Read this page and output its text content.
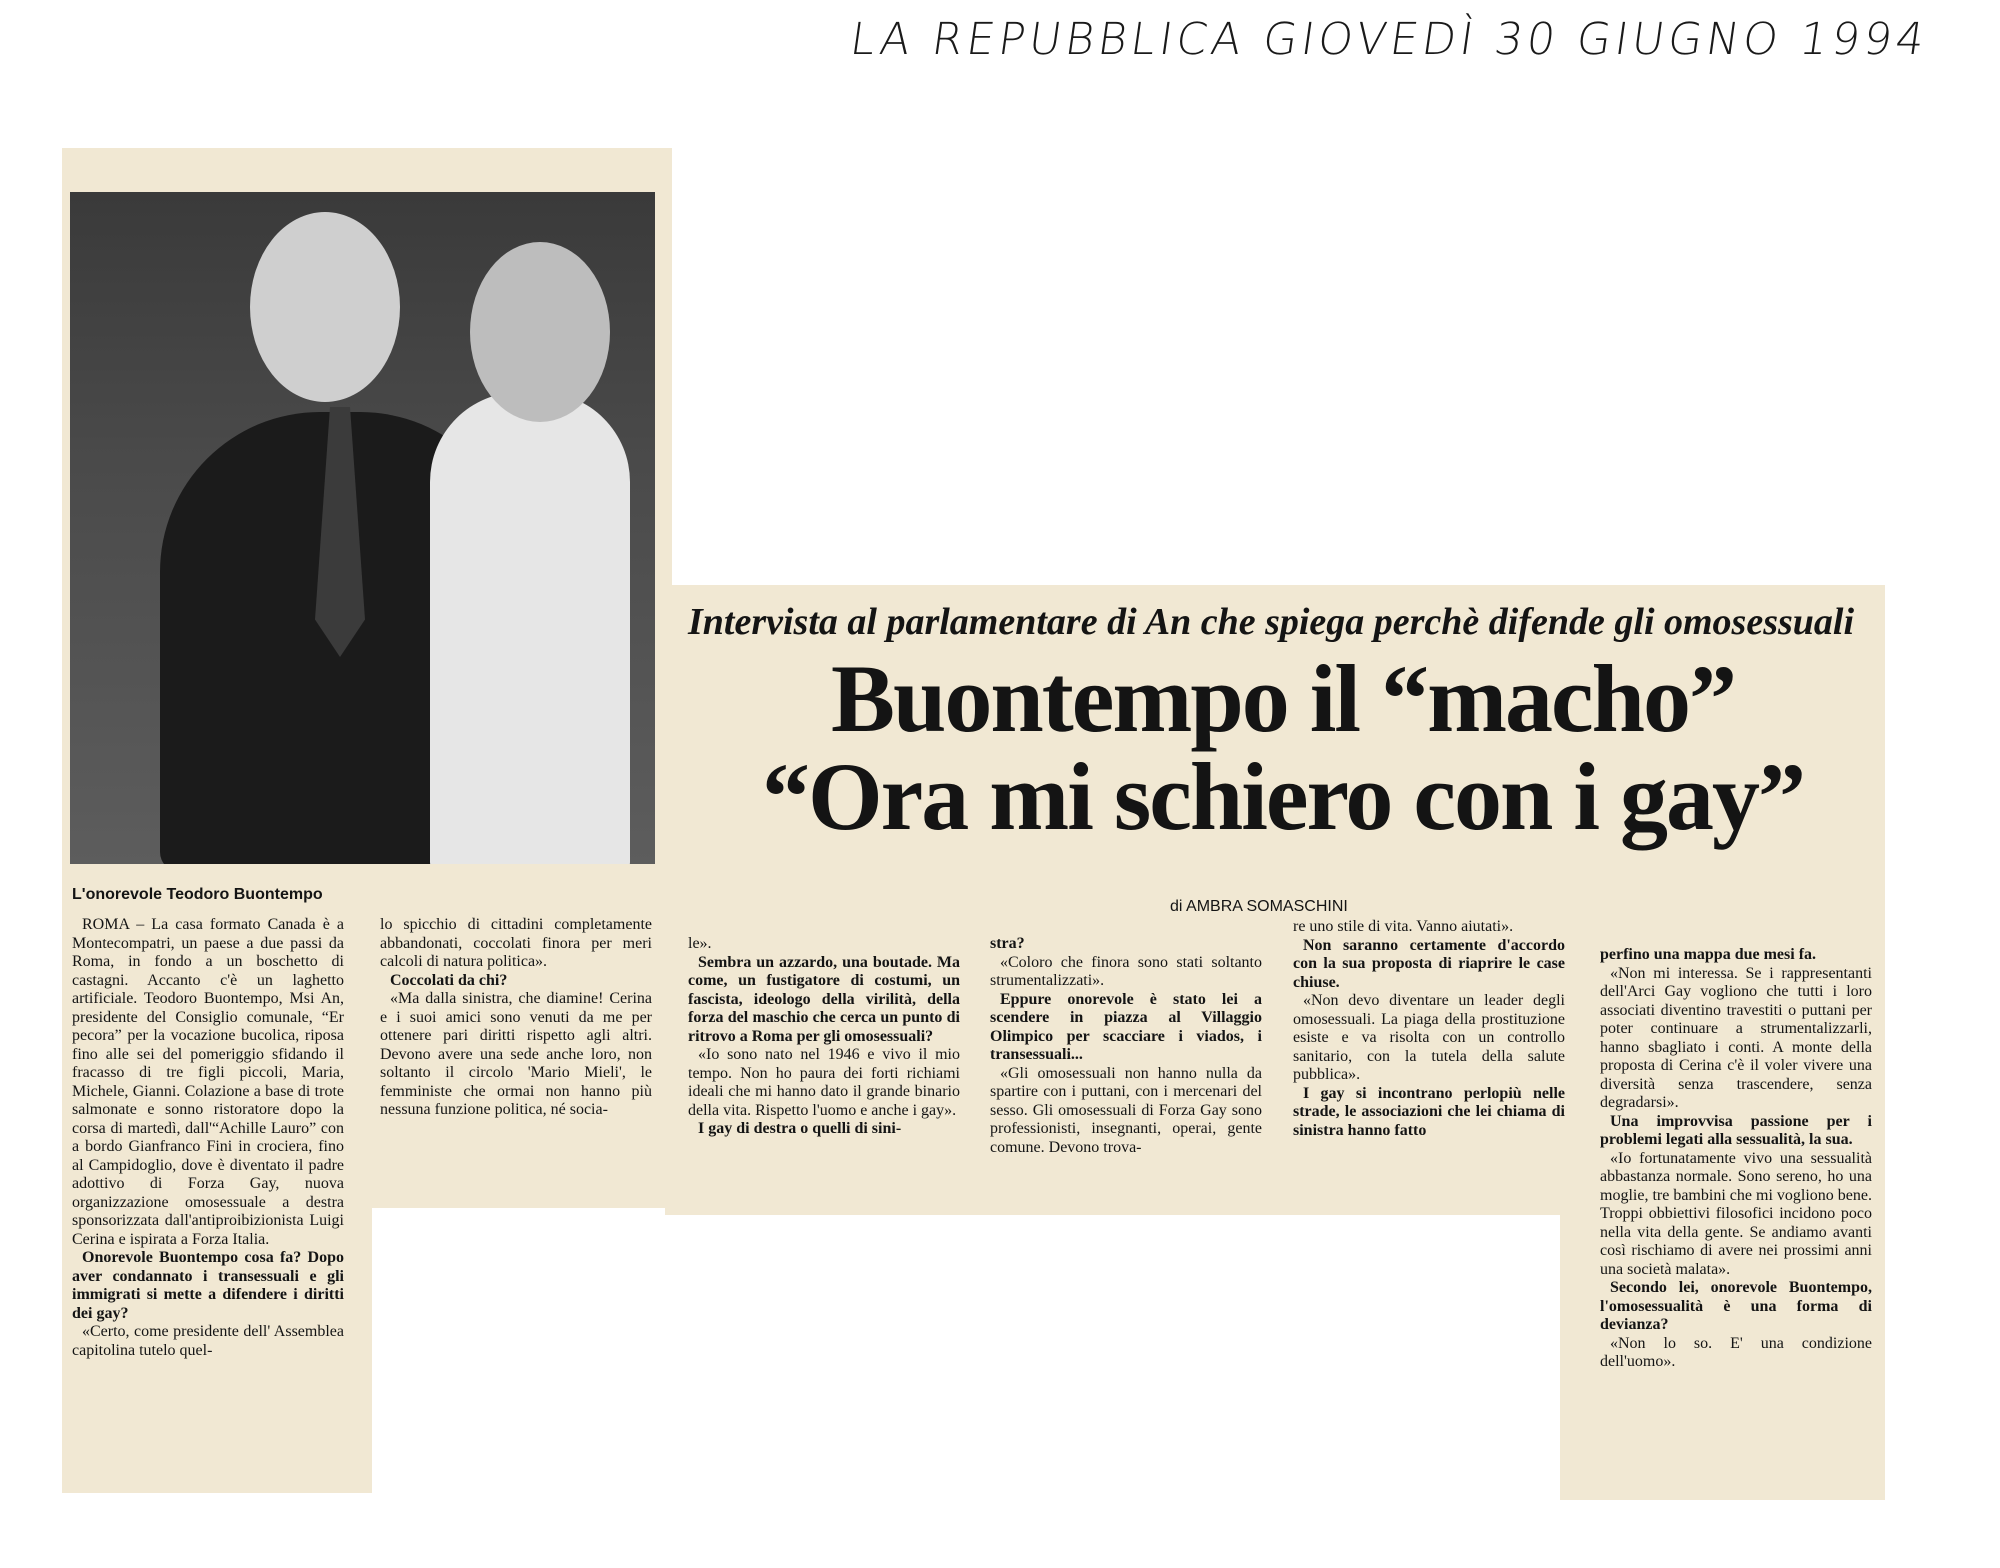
LA REPUBBLICA GIOVEDÌ 30 GIUGNO 1994
L'onorevole Teodoro Buontempo
Intervista al parlamentare di An che spiega perchè difende gli omosessuali
Buontempo il “macho”
“Ora mi schiero con i gay”
di AMBRA SOMASCHINI

ROMA – La casa formato Canada è a Montecompatri, un paese a due passi da Roma, in fondo a un boschetto di castagni. Accanto c'è un laghetto artificiale. Teodoro Buontempo, Msi An, presidente del Consiglio comunale, “Er pecora” per la vocazione bucolica, riposa fino alle sei del pomeriggio sfidando il fracasso di tre figli piccoli, Maria, Michele, Gianni. Colazione a base di trote salmonate e sonno ristoratore dopo la corsa di martedì, dall'“Achille Lauro” con a bordo Gianfranco Fini in crociera, fino al Campidoglio, dove è diventato il padre adottivo di Forza Gay, nuova organizzazione omosessuale a destra sponsorizzata dall'antiproibizionista Luigi Cerina e ispirata a Forza Italia.

Onorevole Buontempo cosa fa? Dopo aver condannato i transessuali e gli immigrati si mette a difendere i diritti dei gay?

«Certo, come presidente dell' Assemblea capitolina tutelo quel-

lo spicchio di cittadini completamente abbandonati, coccolati finora per meri calcoli di natura politica».

Coccolati da chi?

«Ma dalla sinistra, che diamine! Cerina e i suoi amici sono venuti da me per ottenere pari diritti rispetto agli altri. Devono avere una sede anche loro, non soltanto il circolo 'Mario Mieli', le femministe che ormai non hanno più nessuna funzione politica, né socia-

le».

Sembra un azzardo, una boutade. Ma come, un fustigatore di costumi, un fascista, ideologo della virilità, della forza del maschio che cerca un punto di ritrovo a Roma per gli omosessuali?

«Io sono nato nel 1946 e vivo il mio tempo. Non ho paura dei forti richiami ideali che mi hanno dato il grande binario della vita. Rispetto l'uomo e anche i gay».

I gay di destra o quelli di sini-

stra?

«Coloro che finora sono stati soltanto strumentalizzati».

Eppure onorevole è stato lei a scendere in piazza al Villaggio Olimpico per scacciare i viados, i transessuali...

«Gli omosessuali non hanno nulla da spartire con i puttani, con i mercenari del sesso. Gli omosessuali di Forza Gay sono professionisti, insegnanti, operai, gente comune. Devono trova-

re uno stile di vita. Vanno aiutati».

Non saranno certamente d'accordo con la sua proposta di riaprire le case chiuse.

«Non devo diventare un leader degli omosessuali. La piaga della prostituzione esiste e va risolta con un controllo sanitario, con la tutela della salute pubblica».

I gay si incontrano perlopiù nelle strade, le associazioni che lei chiama di sinistra hanno fatto

perfino una mappa due mesi fa.

«Non mi interessa. Se i rappresentanti dell'Arci Gay vogliono che tutti i loro associati diventino travestiti o puttani per poter continuare a strumentalizzarli, hanno sbagliato i conti. A monte della proposta di Cerina c'è il voler vivere una diversità senza trascendere, senza degradarsi».

Una improvvisa passione per i problemi legati alla sessualità, la sua.

«Io fortunatamente vivo una sessualità abbastanza normale. Sono sereno, ho una moglie, tre bambini che mi vogliono bene. Troppi obbiettivi filosofici incidono poco nella vita della gente. Se andiamo avanti così rischiamo di avere nei prossimi anni una società malata».

Secondo lei, onorevole Buontempo, l'omosessualità è una forma di devianza?

«Non lo so. E' una condizione dell'uomo».
